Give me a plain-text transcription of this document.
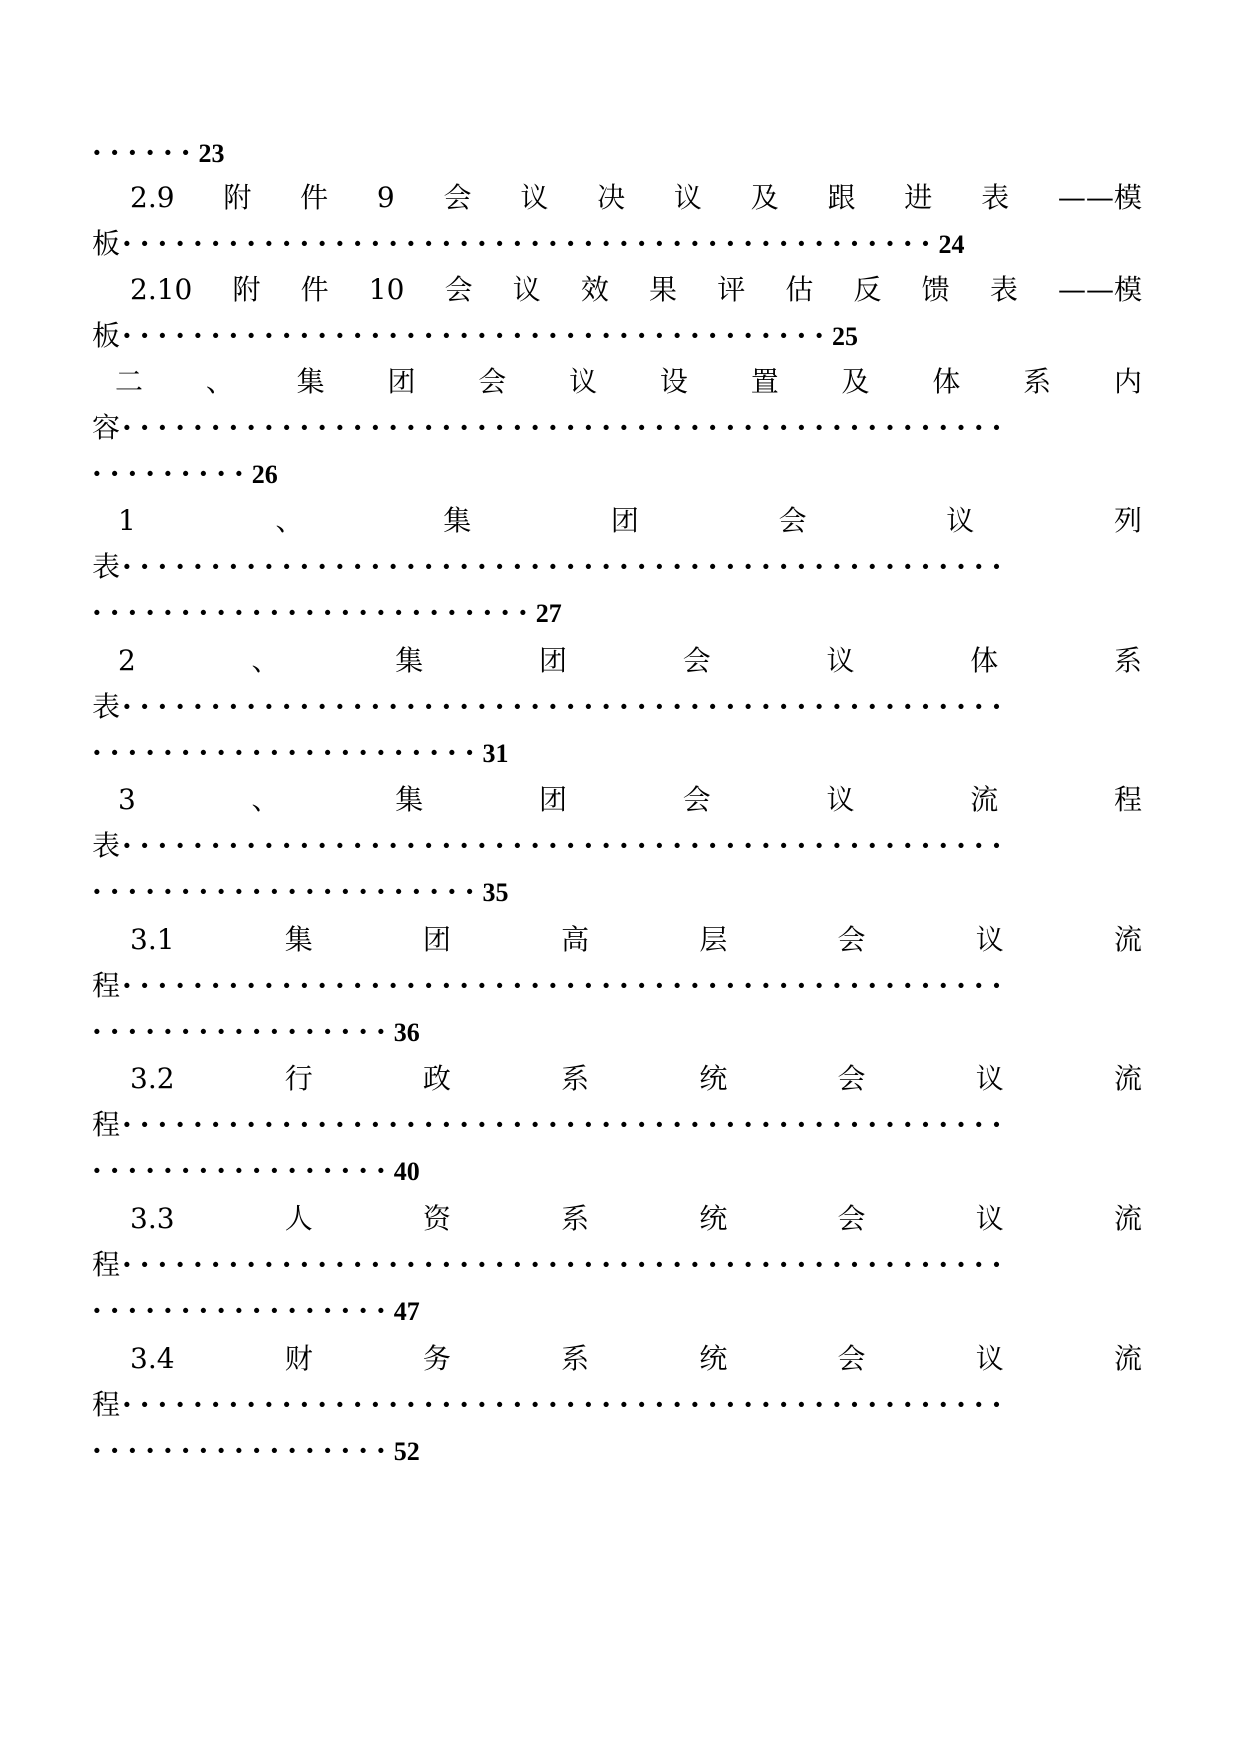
······23
2.9 附 件 9 会 议 决 议 及 跟 进 表 ——模
板··············································24
2.10 附 件 10 会 议 效 果 评 估 反 馈 表 ——模
板········································25
二 、 集 团 会 议 设 置 及 体 系 内
容··················································
·········26
1	、	集	团	会	议	列
表··················································
·························27
2	、	集	团	会	议	体	系
表··················································
······················31
3	、	集	团	会	议	流	程
表··················································
······················35
3.1	集	团	高	层	会	议	流
程··················································
·················36
3.2	行	政	系	统	会	议	流
程··················································
·················40
3.3	人	资	系	统	会	议	流
程··················································
·················47
3.4	财	务	系	统	会	议	流
程··················································
·················52
